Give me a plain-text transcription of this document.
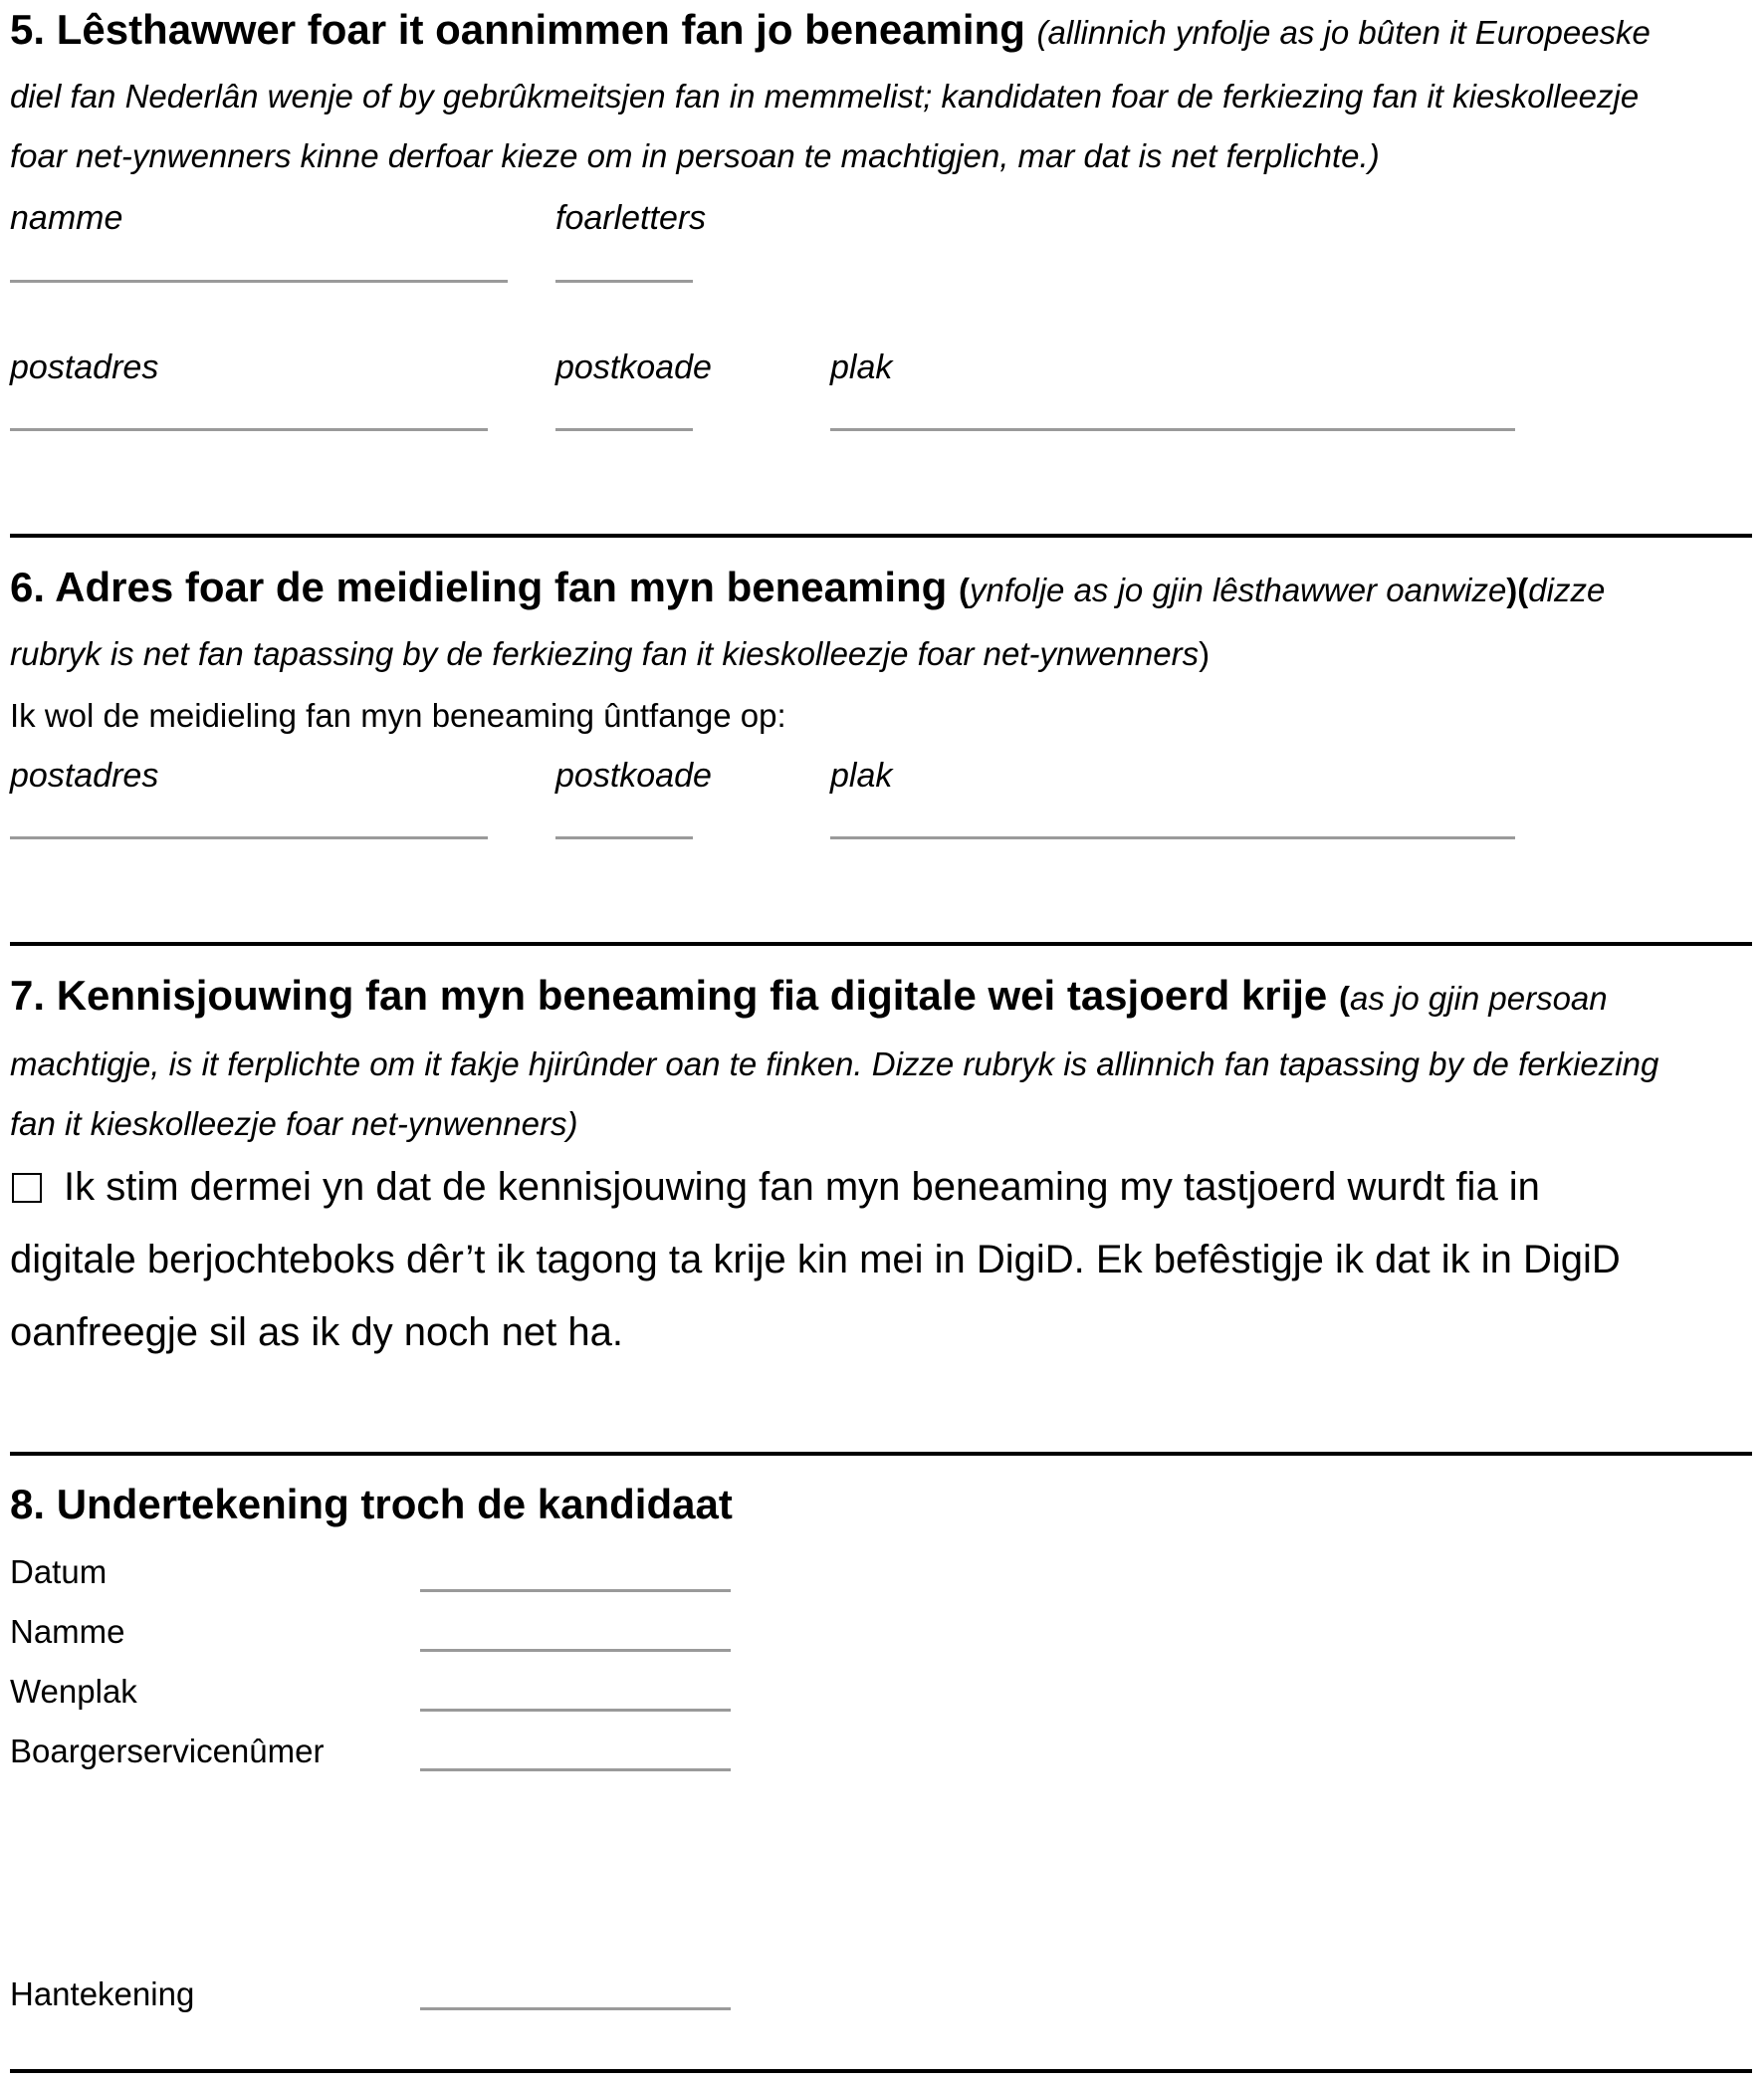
5. Lêsthawwer foar it oannimmen fan jo beneaming (allinnich ynfolje as jo bûten it Europeeske
diel fan Nederlân wenje of by gebrûkmeitsjen fan in memmelist; kandidaten foar de ferkiezing fan it kieskolleezje
foar net-ynwenners kinne derfoar kieze om in persoan te machtigjen, mar dat is net ferplichte.)
namme	foarletters
postadres	postkoade	plak
6. Adres foar de meidieling fan myn beneaming (ynfolje as jo gjin lêsthawwer oanwize)(dizze
rubryk is net fan tapassing by de ferkiezing fan it kieskolleezje foar net-ynwenners)
Ik wol de meidieling fan myn beneaming ûntfange op:
postadres	postkoade	plak
7. Kennisjouwing fan myn beneaming fia digitale wei tasjoerd krije (as jo gjin persoan
machtigje, is it ferplichte om it fakje hjirûnder oan te finken. Dizze rubryk is allinnich fan tapassing by de ferkiezing
fan it kieskolleezje foar net-ynwenners)
Ik stim dermei yn dat de kennisjouwing fan myn beneaming my tastjoerd wurdt fia in
digitale berjochteboks dêr’t ik tagong ta krije kin mei in DigiD. Ek befêstigje ik dat ik in DigiD
oanfreegje sil as ik dy noch net ha.
8. Undertekening troch de kandidaat
Datum
Namme
Wenplak
Boargerservicenûmer
Hantekening
